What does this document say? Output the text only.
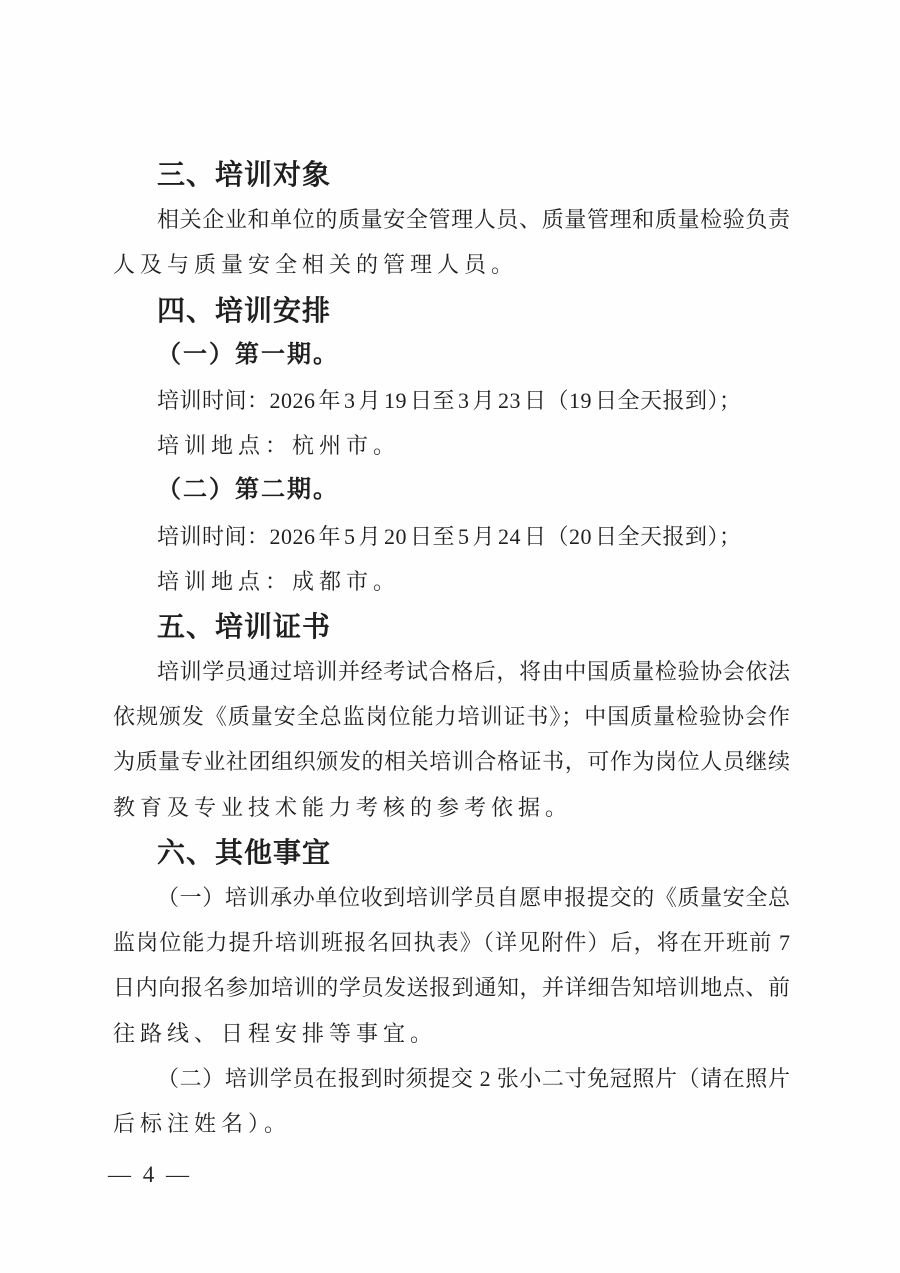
三、培训对象
相关企业和单位的质量安全管理人员、质量管理和质量检验负责
人及与质量安全相关的管理人员。
四、培训安排
（一）第一期。
培训时间：2026 年 3 月 19 日至 3 月 23 日（19 日全天报到）；
培训地点：杭州市。
（二）第二期。
培训时间：2026 年 5 月 20 日至 5 月 24 日（20 日全天报到）；
培训地点：成都市。
五、培训证书
培训学员通过培训并经考试合格后，将由中国质量检验协会依法
依规颁发《质量安全总监岗位能力培训证书》；中国质量检验协会作
为质量专业社团组织颁发的相关培训合格证书，可作为岗位人员继续
教育及专业技术能力考核的参考依据。
六、其他事宜
（一）培训承办单位收到培训学员自愿申报提交的《质量安全总
监岗位能力提升培训班报名回执表》（详见附件）后，将在开班前 7
日内向报名参加培训的学员发送报到通知，并详细告知培训地点、前
往路线、日程安排等事宜。
（二）培训学员在报到时须提交 2 张小二寸免冠照片（请在照片
后标注姓名）。
— 4 —
